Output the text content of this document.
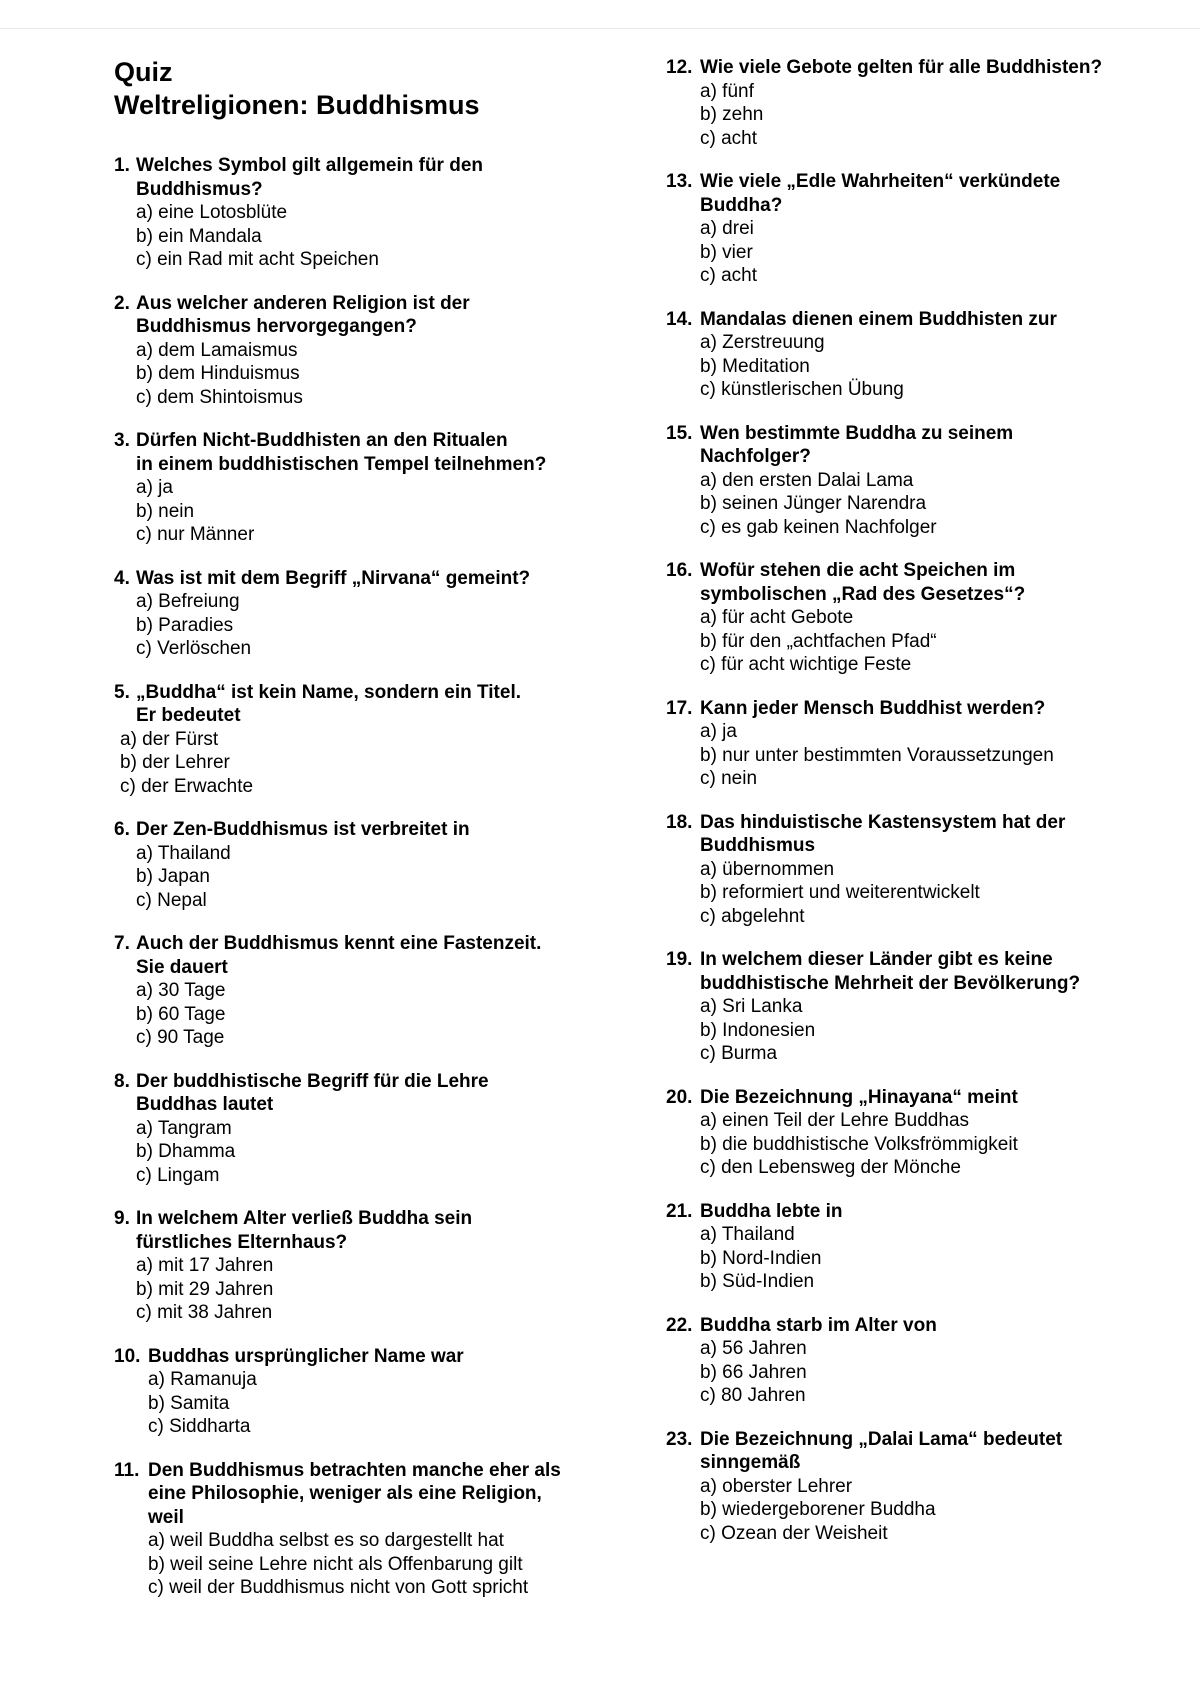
Quiz
Weltreligionen: Buddhismus
1. Welches Symbol gilt allgemein für den
Buddhismus?
a) eine Lotosblüte
b) ein Mandala
c) ein Rad mit acht Speichen
2. Aus welcher anderen Religion ist der
Buddhismus hervorgegangen?
a) dem Lamaismus
b) dem Hinduismus
c) dem Shintoismus
3. Dürfen Nicht-Buddhisten an den Ritualen
in einem buddhistischen Tempel teilnehmen?
a) ja
b) nein
c) nur Männer
4. Was ist mit dem Begriff „Nirvana“ gemeint?
a) Befreiung
b) Paradies
c) Verlöschen
5. „Buddha“ ist kein Name, sondern ein Titel.
Er bedeutet
a) der Fürst
b) der Lehrer
c) der Erwachte
6. Der Zen-Buddhismus ist verbreitet in
a) Thailand
b) Japan
c) Nepal
7. Auch der Buddhismus kennt eine Fastenzeit.
Sie dauert
a) 30 Tage
b) 60 Tage
c) 90 Tage
8. Der buddhistische Begriff für die Lehre
Buddhas lautet
a) Tangram
b) Dhamma
c) Lingam
9. In welchem Alter verließ Buddha sein
fürstliches Elternhaus?
a) mit 17 Jahren
b) mit 29 Jahren
c) mit 38 Jahren
10. Buddhas ursprünglicher Name war
a) Ramanuja
b) Samita
c) Siddharta
11. Den Buddhismus betrachten manche eher als
eine Philosophie, weniger als eine Religion,
weil
a) weil Buddha selbst es so dargestellt hat
b) weil seine Lehre nicht als Offenbarung gilt
c) weil der Buddhismus nicht von Gott spricht
12. Wie viele Gebote gelten für alle Buddhisten?
a) fünf
b) zehn
c) acht
13. Wie viele „Edle Wahrheiten“ verkündete
Buddha?
a) drei
b) vier
c) acht
14. Mandalas dienen einem Buddhisten zur
a) Zerstreuung
b) Meditation
c) künstlerischen Übung
15. Wen bestimmte Buddha zu seinem
Nachfolger?
a) den ersten Dalai Lama
b) seinen Jünger Narendra
c) es gab keinen Nachfolger
16. Wofür stehen die acht Speichen im
symbolischen „Rad des Gesetzes“?
a) für acht Gebote
b) für den „achtfachen Pfad“
c) für acht wichtige Feste
17. Kann jeder Mensch Buddhist werden?
a) ja
b) nur unter bestimmten Voraussetzungen
c) nein
18. Das hinduistische Kastensystem hat der
Buddhismus
a) übernommen
b) reformiert und weiterentwickelt
c) abgelehnt
19. In welchem dieser Länder gibt es keine
buddhistische Mehrheit der Bevölkerung?
a) Sri Lanka
b) Indonesien
c) Burma
20. Die Bezeichnung „Hinayana“ meint
a) einen Teil der Lehre Buddhas
b) die buddhistische Volksfrömmigkeit
c) den Lebensweg der Mönche
21. Buddha lebte in
a) Thailand
b) Nord-Indien
b) Süd-Indien
22. Buddha starb im Alter von
a) 56 Jahren
b) 66 Jahren
c) 80 Jahren
23. Die Bezeichnung „Dalai Lama“ bedeutet
sinngemäß
a) oberster Lehrer
b) wiedergeborener Buddha
c) Ozean der Weisheit
